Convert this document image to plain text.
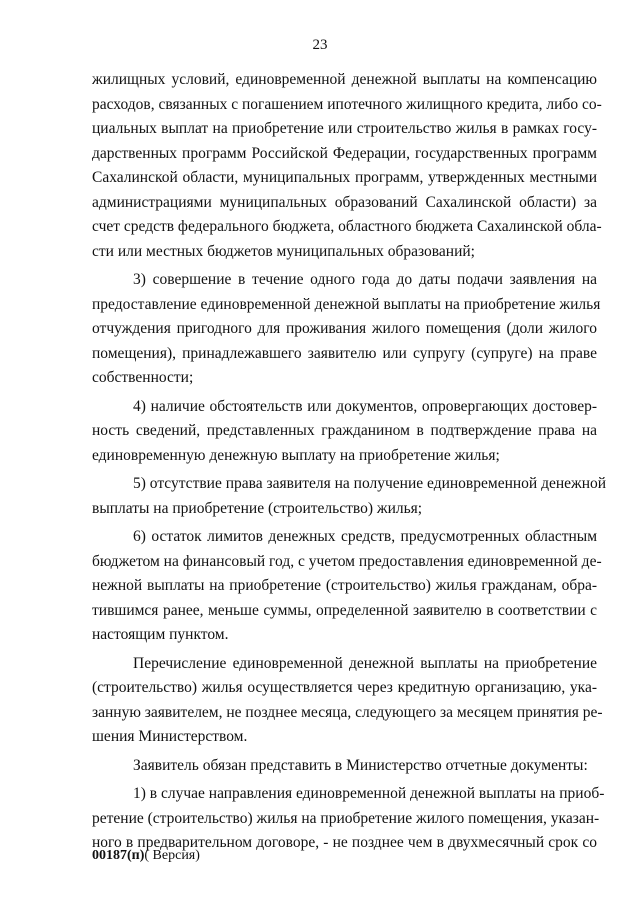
23
жилищных условий, единовременной денежной выплаты на компенсацию
расходов, связанных с погашением ипотечного жилищного кредита, либо со-
циальных выплат на приобретение или строительство жилья в рамках госу-
дарственных программ Российской Федерации, государственных программ
Сахалинской области, муниципальных программ, утвержденных местными
администрациями муниципальных образований Сахалинской области) за
счет средств федерального бюджета, областного бюджета Сахалинской обла-
сти или местных бюджетов муниципальных образований;
3) совершение в течение одного года до даты подачи заявления на
предоставление единовременной денежной выплаты на приобретение жилья
отчуждения пригодного для проживания жилого помещения (доли жилого
помещения), принадлежавшего заявителю или супругу (супруге) на праве
собственности;
4) наличие обстоятельств или документов, опровергающих достовер-
ность сведений, представленных гражданином в подтверждение права на
единовременную денежную выплату на приобретение жилья;
5) отсутствие права заявителя на получение единовременной денежной
выплаты на приобретение (строительство) жилья;
6) остаток лимитов денежных средств, предусмотренных областным
бюджетом на финансовый год, с учетом предоставления единовременной де-
нежной выплаты на приобретение (строительство) жилья гражданам, обра-
тившимся ранее, меньше суммы, определенной заявителю в соответствии с
настоящим пунктом.
Перечисление единовременной денежной выплаты на приобретение
(строительство) жилья осуществляется через кредитную организацию, ука-
занную заявителем, не позднее месяца, следующего за месяцем принятия ре-
шения Министерством.
Заявитель обязан представить в Министерство отчетные документы:
1) в случае направления единовременной денежной выплаты на приоб-
ретение (строительство) жилья на приобретение жилого помещения, указан-
ного в предварительном договоре, - не позднее чем в двухмесячный срок со
00187(п)( Версия)
